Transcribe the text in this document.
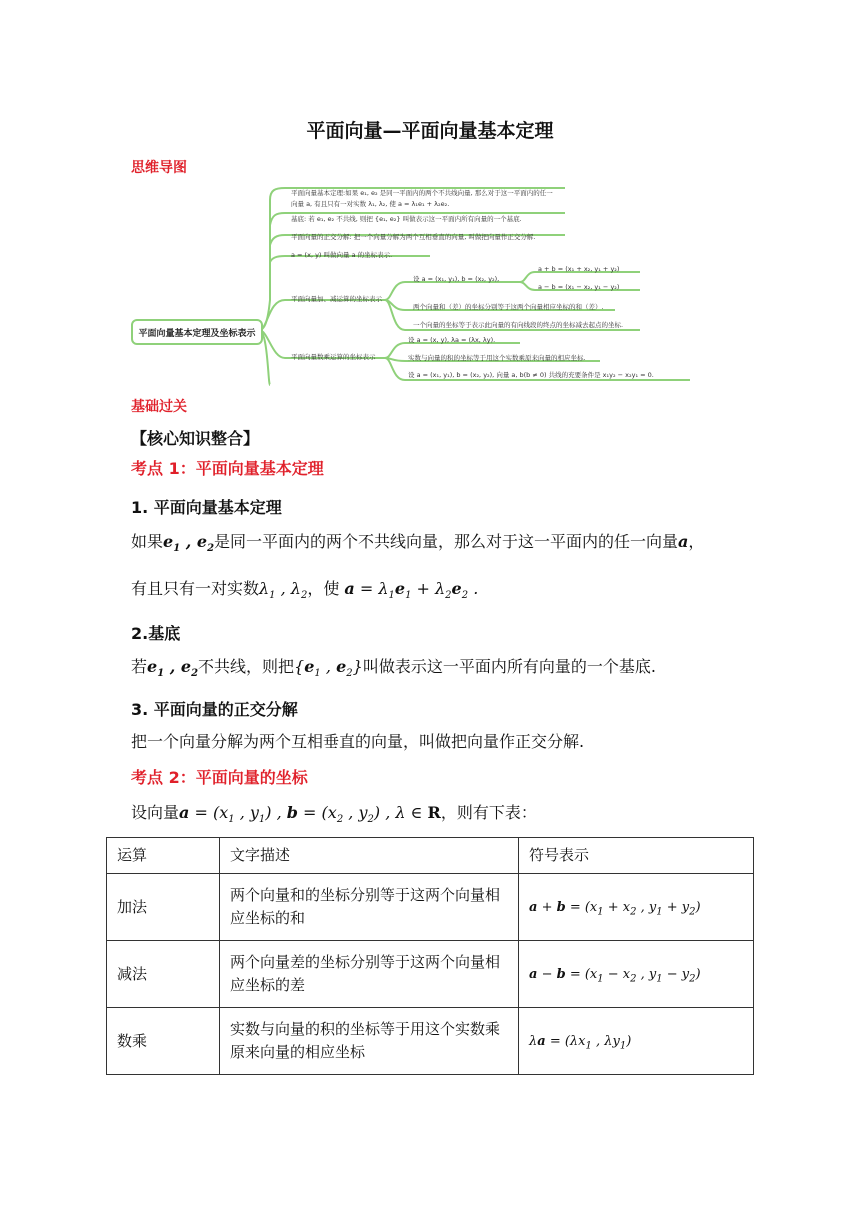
平面向量—平面向量基本定理
思维导图
平面向量基本定理及坐标表示
平面向量基本定理:如果 e₁, e₂ 是同一平面内的两个不共线向量, 那么对于这一平面内的任一
向量 a, 有且只有一对实数 λ₁, λ₂, 使 a = λ₁e₁ + λ₂e₂.
基底: 若 e₁, e₂ 不共线, 则把 {e₁, e₂} 叫做表示这一平面内所有向量的一个基底.
平面向量的正交分解: 把一个向量分解为两个互相垂直的向量, 叫做把向量作正交分解.
a = (x, y) 叫做向量 a 的坐标表示.
平面向量加、减运算的坐标表示
设 a = (x₁, y₁), b = (x₂, y₂),
a + b = (x₁ + x₂, y₁ + y₂)
a − b = (x₁ − x₂, y₁ − y₂)
两个向量和（差）的坐标分别等于这两个向量相应坐标的和（差）.
一个向量的坐标等于表示此向量的有向线段的终点的坐标减去起点的坐标.
平面向量数乘运算的坐标表示
设 a = (x, y), λa = (λx, λy).
实数与向量的积的坐标等于用这个实数乘原来向量的相应坐标.
设 a = (x₁, y₁), b = (x₂, y₂), 向量 a, b(b ≠ 0) 共线的充要条件是 x₁y₂ − x₂y₁ = 0.
基础过关
【核心知识整合】
考点 1：平面向量基本定理
1. 平面向量基本定理
如果$e_1$ , $e_2$是同一平面内的两个不共线向量，那么对于这一平面内的任一向量a，
有且只有一对实数$\lambda_1$ , $\lambda_2$，使 $a = \lambda_1e_1 + \lambda_2e_2$ .
2.基底
若$e_1$ , $e_2$不共线，则把{$e_1$ , $e_2$}叫做表示这一平面内所有向量的一个基底.
3. 平面向量的正交分解
把一个向量分解为两个互相垂直的向量，叫做把向量作正交分解.
考点 2：平面向量的坐标
设向量$a = (x_1$ , $y_1$) , $b = (x_2$ , $y_2$) , λ ∈ R，则有下表：
运算	文字描述	符号表示
加法	两个向量和的坐标分别等于这两个向量相应坐标的和	$a + b = (x_1 + x_2$ , $y_1 + y_2$)
减法	两个向量差的坐标分别等于这两个向量相应坐标的差	$a - b = (x_1 - x_2$ , $y_1 - y_2$)
数乘	实数与向量的积的坐标等于用这个实数乘原来向量的相应坐标	$\lambda a = (\lambda x_1$ , $\lambda y_1$)
